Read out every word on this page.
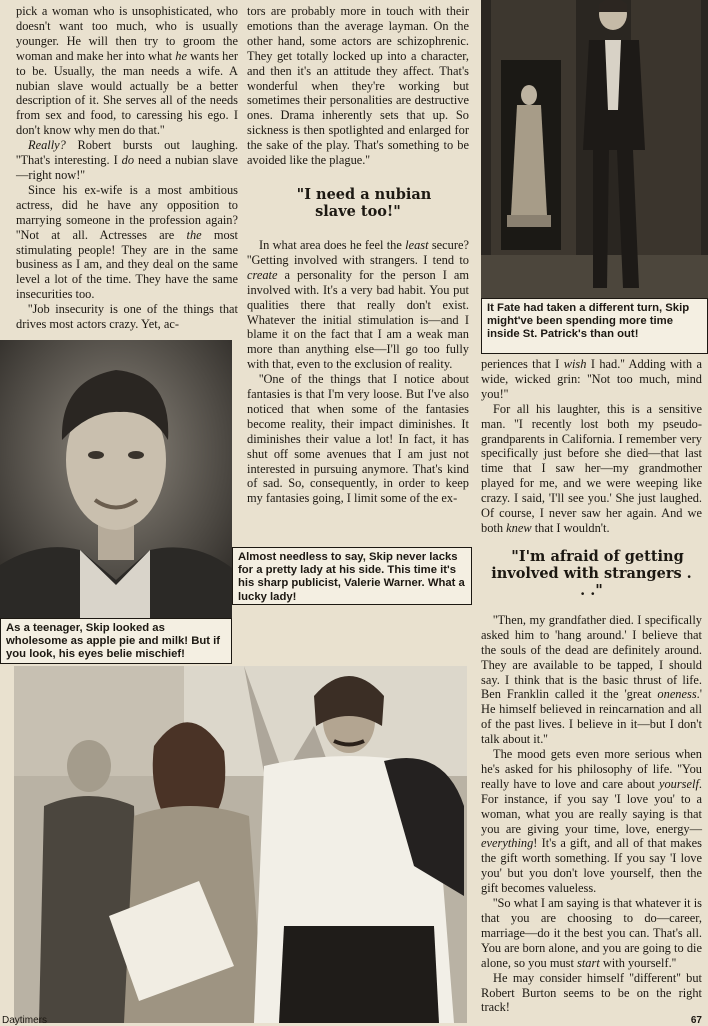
pick a woman who is unsophisticated, who doesn't want too much, who is usually younger. He will then try to groom the woman and make her into what he wants her to be. Usually, the man needs a wife. A nubian slave would actually be a better description of it. She serves all of the needs from sex and food, to caressing his ego. I don't know why men do that.''

Really? Robert bursts out laughing. ''That's interesting. I do need a nubian slave—right now!''

Since his ex-wife is a most ambitious actress, did he have any opposition to marrying someone in the profession again? ''Not at all. Actresses are the most stimulating people! They are in the same business as I am, and they deal on the same level a lot of the time. They have the same insecurities too.

''Job insecurity is one of the things that drives most actors crazy. Yet, ac-

As a teenager, Skip looked as wholesome as apple pie and milk! But if you look, his eyes belie mischief!

tors are probably more in touch with their emotions than the average layman. On the other hand, some actors are schizophrenic. They get totally locked up into a character, and then it's an attitude they affect. That's wonderful when they're working but sometimes their personalities are destructive ones. Drama inherently sets that up. So sickness is then spotlighted and enlarged for the sake of the play. That's something to be avoided like the plague.''

"I need a nubian slave too!"

In what area does he feel the least secure? ''Getting involved with strangers. I tend to create a personality for the person I am involved with. It's a very bad habit. You put qualities there that really don't exist. Whatever the initial stimulation is—and I blame it on the fact that I am a weak man more than anything else—I'll go too fully with that, even to the exclusion of reality.

''One of the things that I notice about fantasies is that I'm very loose. But I've also noticed that when some of the fantasies become reality, their impact diminishes. It diminishes their value a lot! In fact, it has shut off some avenues that I am just not interested in pursuing anymore. That's kind of sad. So, consequently, in order to keep my fantasies going, I limit some of the ex-

Almost needless to say, Skip never lacks for a pretty lady at his side. This time it's his sharp publicist, Valerie Warner. What a lucky lady!
It Fate had taken a different turn, Skip might've been spending more time inside St. Patrick's than out!

periences that I wish I had.'' Adding with a wide, wicked grin: ''Not too much, mind you!''

For all his laughter, this is a sensitive man. ''I recently lost both my pseudo-grandparents in California. I remember very specifically just before she died—that last time that I saw her—my grandmother played for me, and we were weeping like crazy. I said, 'I'll see you.' She just laughed. Of course, I never saw her again. And we both knew that I wouldn't.

"I'm afraid of getting involved with strangers . . ."

''Then, my grandfather died. I specifically asked him to 'hang around.' I believe that the souls of the dead are definitely around. They are available to be tapped, I should say. I think that is the basic thrust of life. Ben Franklin called it the 'great oneness.' He himself believed in reincarnation and all of the past lives. I believe in it—but I don't talk about it.''

The mood gets even more serious when he's asked for his philosophy of life. ''You really have to love and care about yourself. For instance, if you say 'I love you' to a woman, what you are really saying is that you are giving your time, love, energy—everything! It's a gift, and all of that makes the gift worth something. If you say 'I love you' but you don't love yourself, then the gift becomes valueless.

''So what I am saying is that whatever it is that you are choosing to do—career, marriage—do it the best you can. That's all. You are born alone, and you are going to die alone, so you must start with yourself.''

He may consider himself ''different'' but Robert Burton seems to be on the right track!

Daytimers	67
